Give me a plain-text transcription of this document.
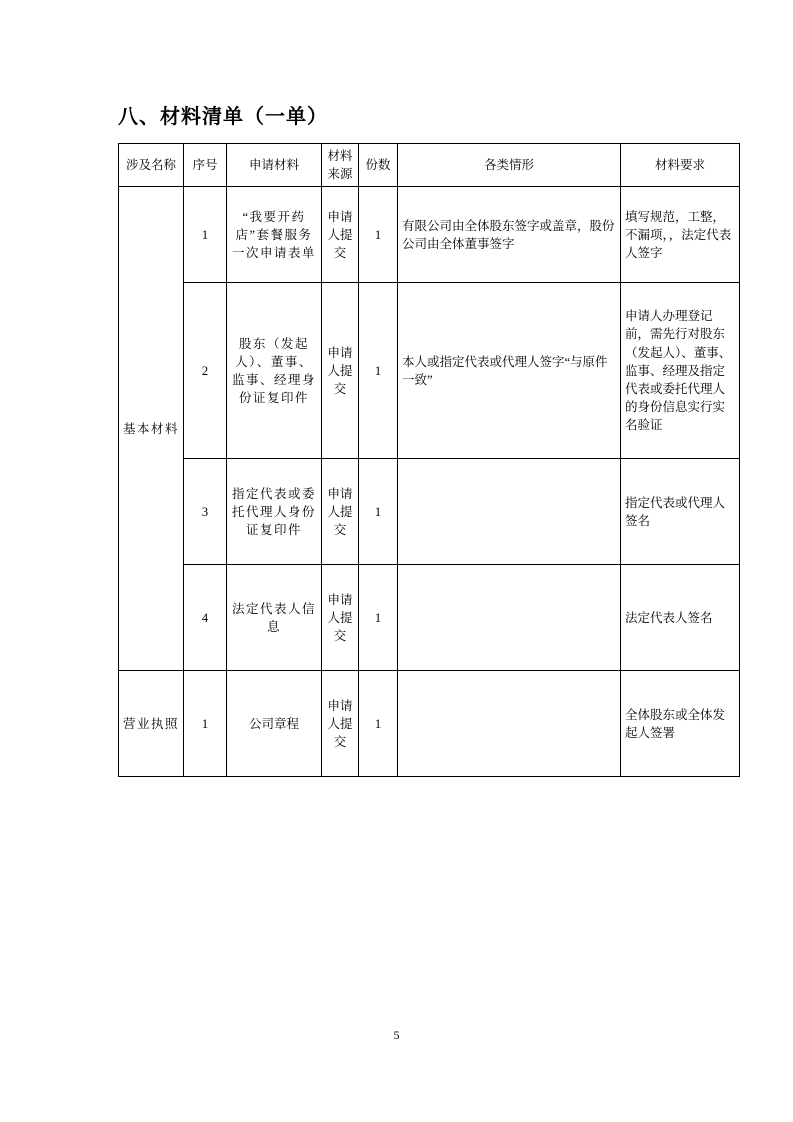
八、材料清单（一单）
涉及名称	序号	申请材料	材料来源	份数	各类情形	材料要求
基本材料	1	“我要开药店”套餐服务一次申请表单	申请人提交	1	有限公司由全体股东签字或盖章，股份公司由全体董事签字	填写规范，工整，不漏项，，法定代表人签字
	2	股东（发起人）、董事、监事、经理身份证复印件	申请人提交	1	本人或指定代表或代理人签字“与原件一致”	申请人办理登记前，需先行对股东（发起人）、董事、监事、经理及指定代表或委托代理人的身份信息实行实名验证
	3	指定代表或委托代理人身份证复印件	申请人提交	1		指定代表或代理人签名
	4	法定代表人信息	申请人提交	1		法定代表人签名
营业执照	1	公司章程	申请人提交	1		全体股东或全体发起人签署
5
